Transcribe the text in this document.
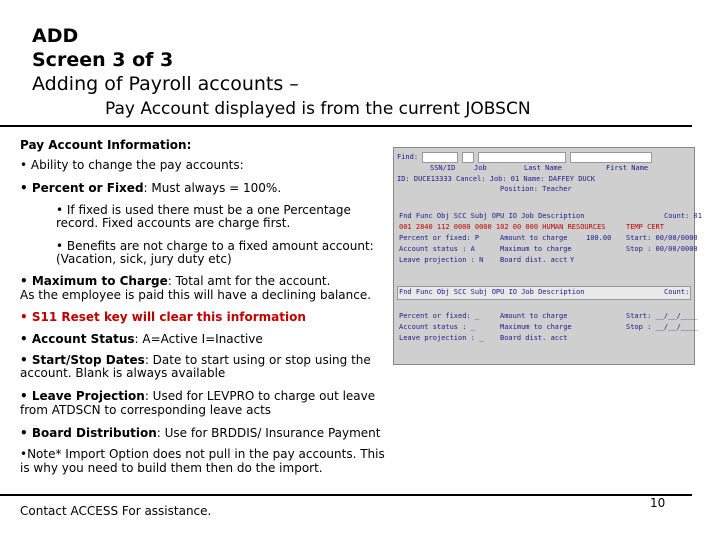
ADD
Screen 3 of 3
Adding of Payroll accounts –
Pay Account displayed is from the current JOBSCN
Pay Account Information:
• Ability to change the pay accounts:
• Percent or Fixed: Must always = 100%.
• If fixed is used there must be a one Percentage
record. Fixed accounts are charge first.
• Benefits are not charge to a fixed amount account:
(Vacation, sick, jury duty etc)
• Maximum to Charge: Total amt for the account.
As the employee is paid this will have a declining balance.
• S11 Reset key will clear this information
• Account Status: A=Active I=Inactive
• Start/Stop Dates: Date to start using or stop using the
account. Blank is always available
• Leave Projection: Used for LEVPRO to charge out leave
from ATDSCN to corresponding leave acts
• Board Distribution: Use for BRDDIS/ Insurance Payment
•Note* Import Option does not pull in the pay accounts. This
is why you need to build them then do the import.
Contact ACCESS For assistance.
10
Find:
SSN/ID	Job	Last Name	First Name
ID: DUCE13333 Cancel: Job: 01 Name: DAFFEY DUCK
Position: Teacher
Fnd Func Obj SCC Subj OPU IO Job Description	Count: 01
001 2840 112 0000 0000 102 00 000 HUMAN RESOURCES	TEMP CERT
Percent or fixed: P	Amount to charge	100.00 Start: 00/00/0000
Account status : A	Maximum to charge	Stop : 00/00/0000
Leave projection : N Board dist. acct Y
Fnd Func Obj SCC Subj OPU IO Job Description	Count:
Percent or fixed: _	Amount to charge	Start: __/__/____
Account status : _	Maximum to charge	Stop : __/__/____
Leave projection : _ Board dist. acct
